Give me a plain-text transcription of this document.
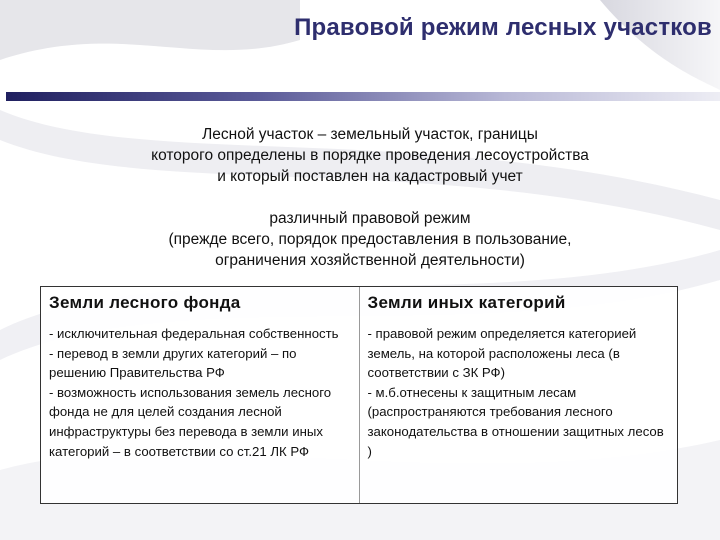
Правовой режим лесных участков
Лесной участок – земельный участок, границы
которого определены в порядке проведения лесоустройства
и который поставлен на кадастровый учет
различный правовой режим
(прежде всего, порядок предоставления в пользование,
ограничения хозяйственной деятельности)
Земли лесного фонда
- исключительная федеральная собственность
- перевод в земли других категорий – по решению Правительства РФ
- возможность использования земель лесного фонда не для целей создания лесной инфраструктуры без перевода в земли иных категорий – в соответствии со ст.21 ЛК РФ
Земли иных категорий
- правовой режим определяется категорией земель, на которой расположены леса (в соответствии с ЗК РФ)
- м.б.отнесены к защитным лесам (распространяются требования лесного законодательства в отношении защитных лесов )
